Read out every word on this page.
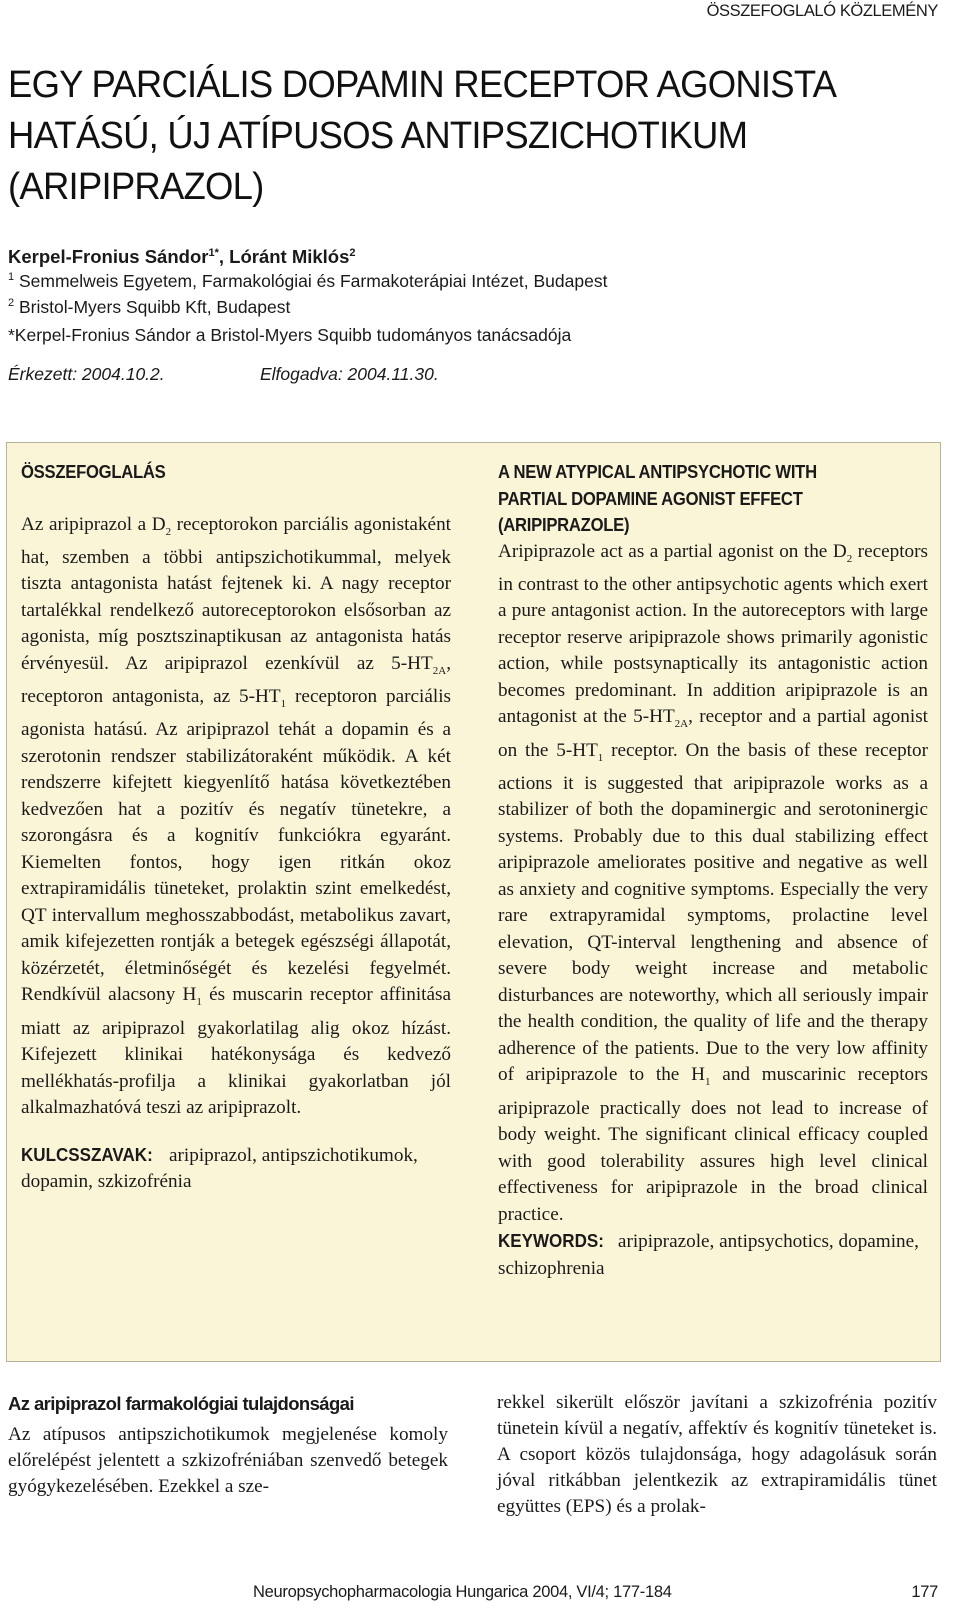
ÖSSZEFOGLALÓ KÖZLEMÉNY
EGY PARCIÁLIS DOPAMIN RECEPTOR AGONISTA
HATÁSÚ, ÚJ ATÍPUSOS ANTIPSZICHOTIKUM
(ARIPIPRAZOL)
Kerpel-Fronius Sándor$^{1*}$, Lóránt Miklós$^2$
$^1$ Semmelweis Egyetem, Farmakológiai és Farmakoterápiai Intézet, Budapest
$^2$ Bristol-Myers Squibb Kft, Budapest
*Kerpel-Fronius Sándor a Bristol-Myers Squibb tudományos tanácsadója
Érkezett: 2004.10.2.	Elfogadva: 2004.11.30.
ÖSSZEFOGLALÁS
Az aripiprazol a $D_2$ receptorokon parciális agonistaként hat, szemben a többi antipszichotikummal, melyek tiszta antagonista hatást fejtenek ki. A nagy receptor tartalékkal rendelkező autoreceptorokon elsősorban az agonista, míg posztszinaptikusan az antagonista hatás érvényesül. Az aripiprazol ezenkívül az $5-HT_{2A}$, receptoron antagonista, az $5-HT_1$ receptoron parciális agonista hatású. Az aripiprazol tehát a dopamin és a szerotonin rendszer stabilizátoraként működik. A két rendszerre kifejtett kiegyenlítő hatása következtében kedvezően hat a pozitív és negatív tünetekre, a szorongásra és a kognitív funkciókra egyaránt. Kiemelten fontos, hogy igen ritkán okoz extrapiramidális tüneteket, prolaktin szint emelkedést, QT intervallum meghosszabbodást, metabolikus zavart, amik kifejezetten rontják a betegek egészségi állapotát, közérzetét, életminőségét és kezelési fegyelmét. Rendkívül alacsony $H_1$ és muscarin receptor affinitása miatt az aripiprazol gyakorlatilag alig okoz hízást. Kifejezett klinikai hatékonysága és kedvező mellékhatás-profilja a klinikai gyakorlatban jól alkalmazhatóvá teszi az aripiprazolt.
KULCSSZAVAK: aripiprazol, antipszichotikumok, dopamin, szkizofrénia
A NEW ATYPICAL ANTIPSYCHOTIC WITH
PARTIAL DOPAMINE AGONIST EFFECT
(ARIPIPRAZOLE)
Aripiprazole act as a partial agonist on the $D_2$ receptors in contrast to the other antipsychotic agents which exert a pure antagonist action. In the autoreceptors with large receptor reserve aripiprazole shows primarily agonistic action, while postsynaptically its antagonistic action becomes predominant. In addition aripiprazole is an antagonist at the $5-HT_{2A}$, receptor and a partial agonist on the $5-HT_1$ receptor. On the basis of these receptor actions it is suggested that aripiprazole works as a stabilizer of both the dopaminergic and serotoninergic systems. Probably due to this dual stabilizing effect aripiprazole ameliorates positive and negative as well as anxiety and cognitive symptoms. Especially the very rare extrapyramidal symptoms, prolactine level elevation, QT-interval lengthening and absence of severe body weight increase and metabolic disturbances are noteworthy, which all seriously impair the health condition, the quality of life and the therapy adherence of the patients. Due to the very low affinity of aripiprazole to the $H_1$ and muscarinic receptors aripiprazole practically does not lead to increase of body weight. The significant clinical efficacy coupled with good tolerability assures high level clinical effectiveness for aripiprazole in the broad clinical practice.
KEYWORDS: aripiprazole, antipsychotics, dopamine, schizophrenia
Az aripiprazol farmakológiai tulajdonságai
Az atípusos antipszichotikumok megjelenése komoly előrelépést jelentett a szkizofréniában szenvedő betegek gyógykezelésében. Ezekkel a sze-
rekkel sikerült először javítani a szkizofrénia pozitív tünetein kívül a negatív, affektív és kognitív tüneteket is. A csoport közös tulajdonsága, hogy adagolásuk során jóval ritkábban jelentkezik az extrapiramidális tünet együttes (EPS) és a prolak-
Neuropsychopharmacologia Hungarica 2004, VI/4; 177-184	177
